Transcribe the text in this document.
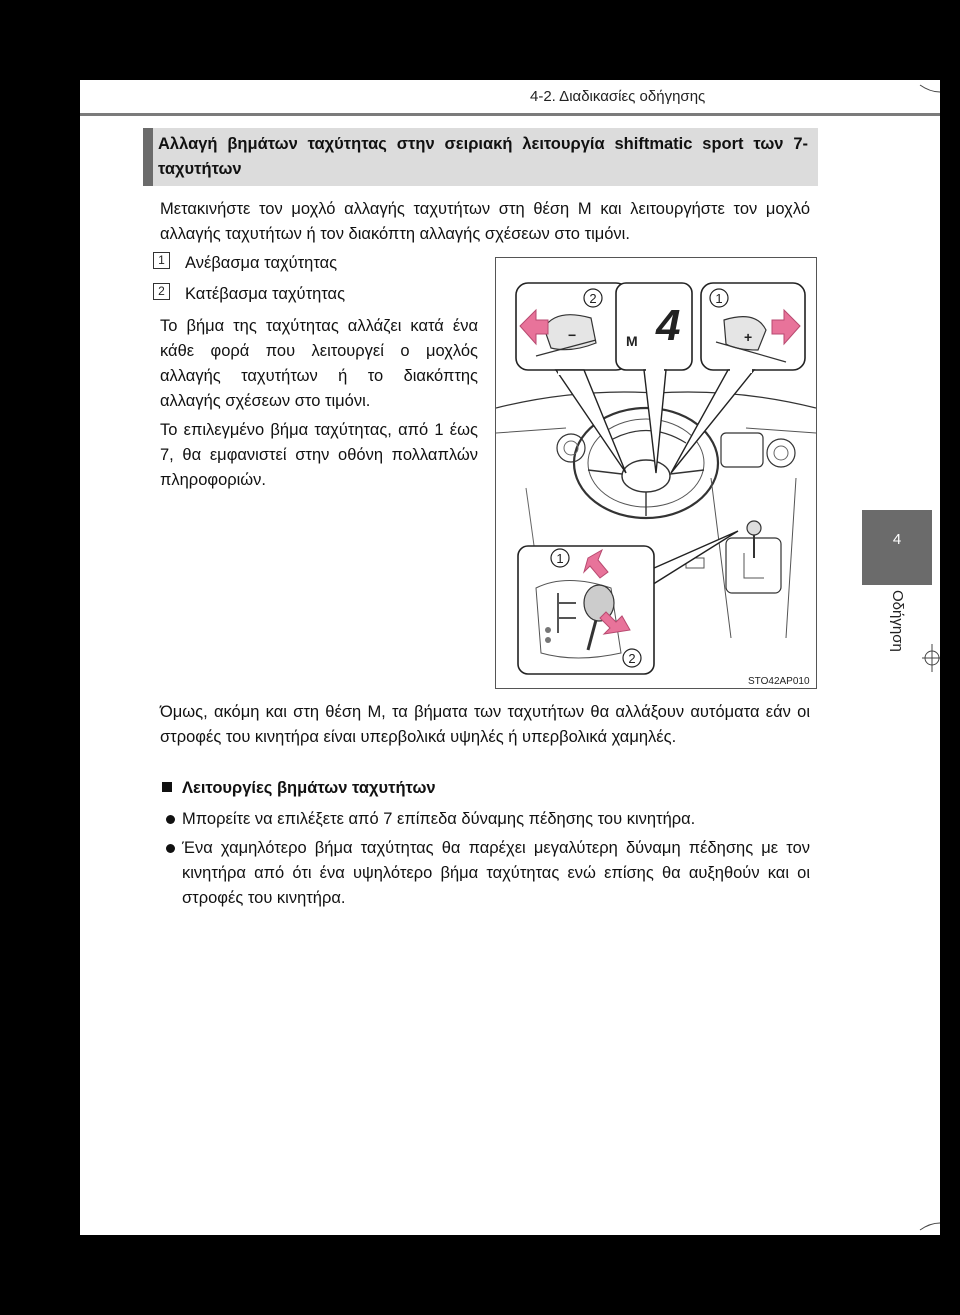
4-2. Διαδικασίες οδήγησης
Αλλαγή βημάτων ταχύτητας στην σειριακή λειτουργία shiftmatic sport των 7-ταχυτήτων
Μετακινήστε τον μοχλό αλλαγής ταχυτήτων στη θέση M και λειτουργήστε τον μοχλό αλλαγής ταχυτήτων ή τον διακόπτη αλλαγής σχέσεων στο τιμόνι.
1	Ανέβασμα ταχύτητας
2	Κατέβασμα ταχύτητας
Το βήμα της ταχύτητας αλλάζει κατά ένα κάθε φορά που λειτουργεί ο μοχλός αλλαγής ταχυτήτων ή το διακόπτης αλλαγής σχέσεων στο τιμόνι.
Το επιλεγμένο βήμα ταχύτητας, από 1 έως 7, θα εμφανιστεί στην οθόνη πολλαπλών πληροφοριών.
2	1
M 4
−	+
1
2
STO42AP010
Όμως, ακόμη και στη θέση M, τα βήματα των ταχυτήτων θα αλλάξουν αυτόματα εάν οι στροφές του κινητήρα είναι υπερβολικά υψηλές ή υπερβολικά χαμηλές.
Λειτουργίες βημάτων ταχυτήτων
Μπορείτε να επιλέξετε από 7 επίπεδα δύναμης πέδησης του κινητήρα.
Ένα χαμηλότερο βήμα ταχύτητας θα παρέχει μεγαλύτερη δύναμη πέδησης με τον κινητήρα από ότι ένα υψηλότερο βήμα ταχύτητας ενώ επίσης θα αυξηθούν και οι στροφές του κινητήρα.
4
Οδήγηση
